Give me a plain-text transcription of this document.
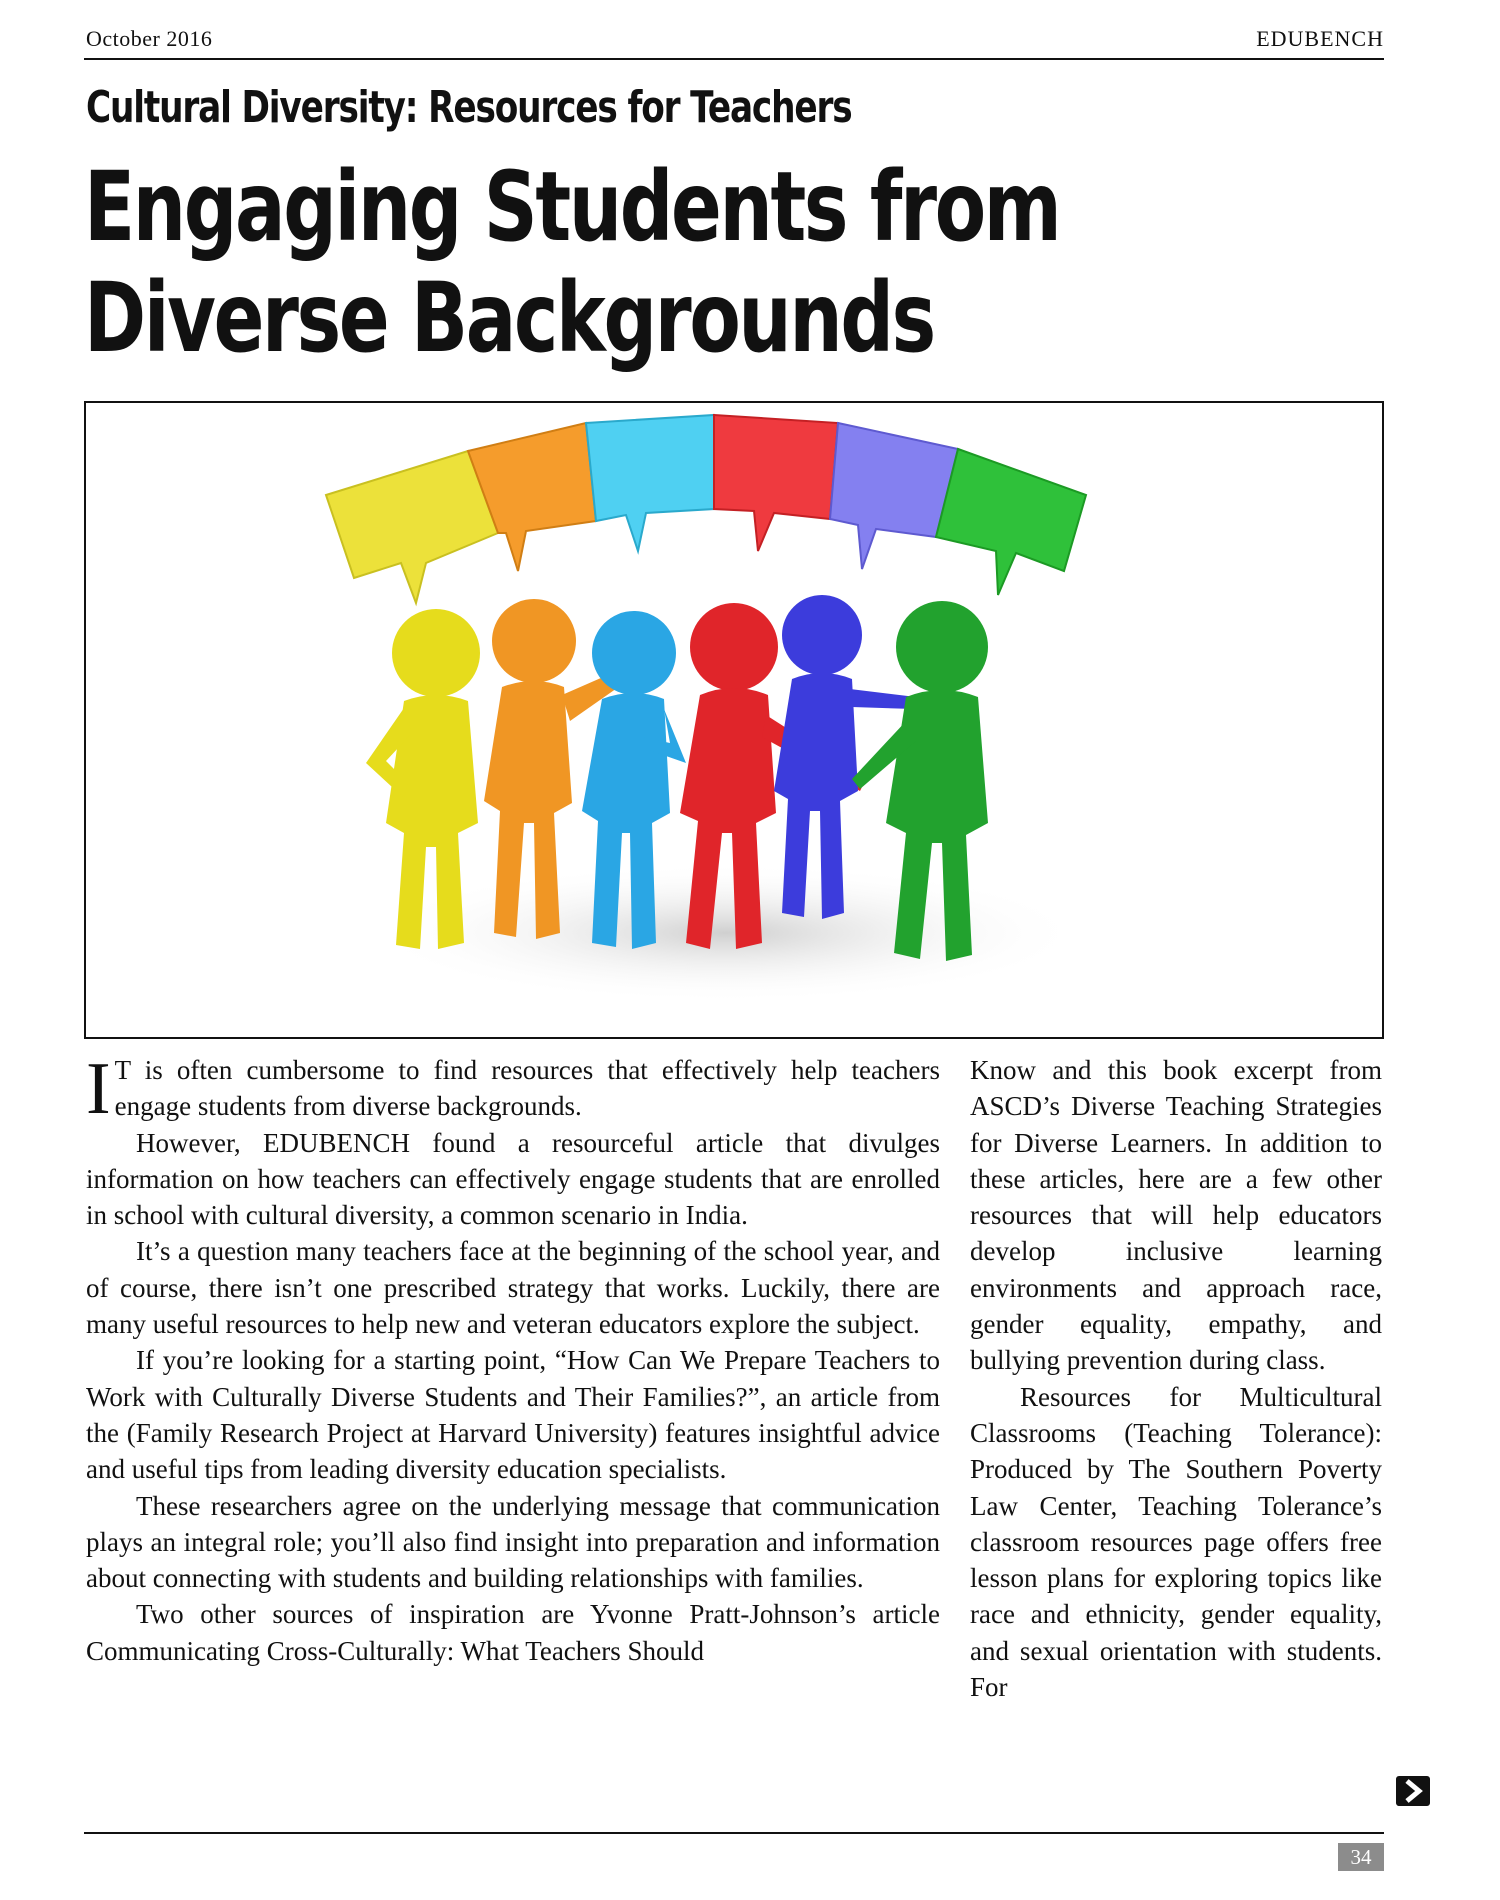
October 2016	EDUBENCH
Cultural Diversity: Resources for Teachers
Engaging Students from
Diverse Backgrounds

I T is often cumbersome to find resources that effectively help teachers engage students from diverse backgrounds.

However, EDUBENCH found a resourceful article that divulges information on how teachers can effectively engage students that are enrolled in school with cultural diversity, a common scenario in India.

It’s a question many teachers face at the beginning of the school year, and of course, there isn’t one prescribed strategy that works. Luckily, there are many useful resources to help new and veteran educators explore the subject.

If you’re looking for a starting point, “How Can We Prepare Teachers to Work with Culturally Diverse Students and Their Families?”, an article from the (Family Research Project at Harvard University) features insightful advice and useful tips from leading diversity education specialists.

These researchers agree on the underlying message that communication plays an integral role; you’ll also find insight into preparation and information about connecting with students and building relationships with families.

Two other sources of inspiration are Yvonne Pratt-Johnson’s article Communicating Cross-Culturally: What Teachers Should

Know and this book excerpt from ASCD’s Diverse Teaching Strategies for Diverse Learners. In addition to these articles, here are a few other resources that will help educators develop inclusive learning environments and approach race, gender equality, empathy, and bullying prevention during class.

Resources for Multicultural Classrooms (Teaching Tolerance): Produced by The Southern Poverty Law Center, Teaching Tolerance’s classroom resources page offers free lesson plans for exploring topics like race and ethnicity, gender equality, and sexual orientation with students. For

34
